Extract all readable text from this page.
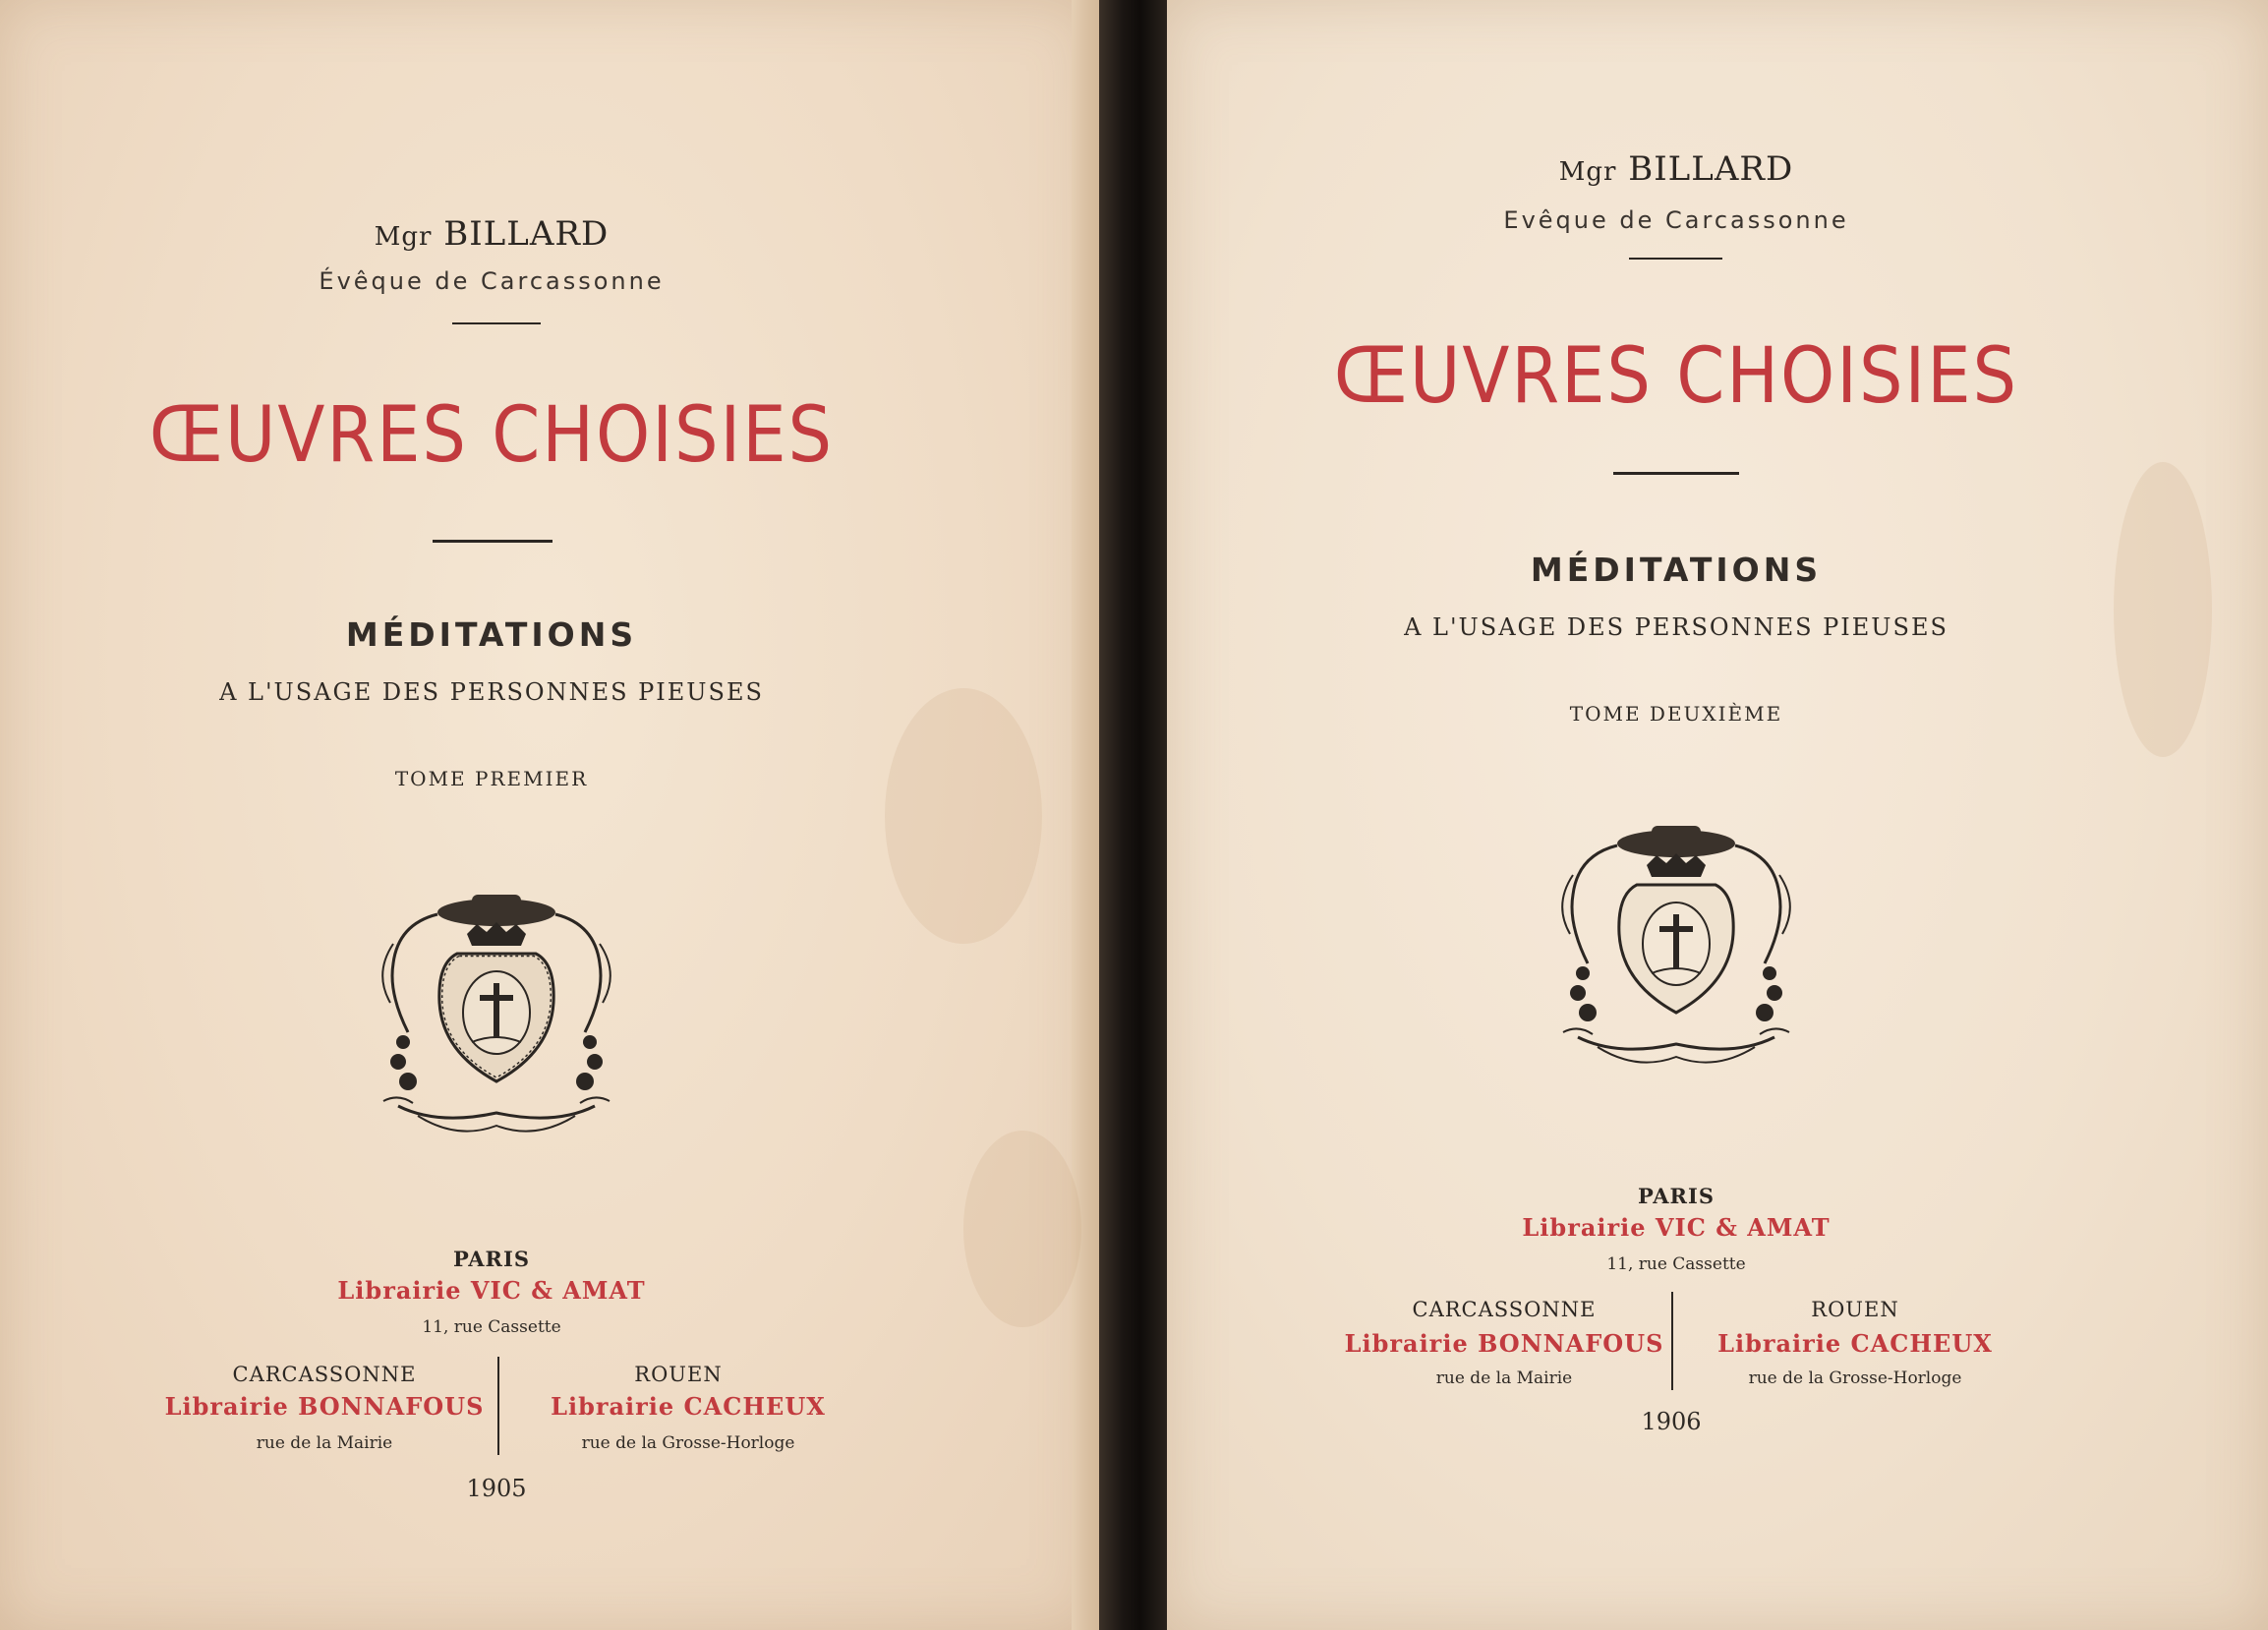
Mgr BILLARD
Évêque de Carcassonne
ŒUVRES CHOISIES
MÉDITATIONS
A L'USAGE DES PERSONNES PIEUSES
TOME PREMIER
PARIS
Librairie VIC & AMAT
11, rue Cassette
CARCASSONNE
Librairie BONNAFOUS
rue de la Mairie
ROUEN
Librairie CACHEUX
rue de la Grosse-Horloge
1905
Mgr BILLARD
Evêque de Carcassonne
ŒUVRES CHOISIES
MÉDITATIONS
A L'USAGE DES PERSONNES PIEUSES
TOME DEUXIÈME
PARIS
Librairie VIC & AMAT
11, rue Cassette
CARCASSONNE
Librairie BONNAFOUS
rue de la Mairie
ROUEN
Librairie CACHEUX
rue de la Grosse-Horloge
1906
